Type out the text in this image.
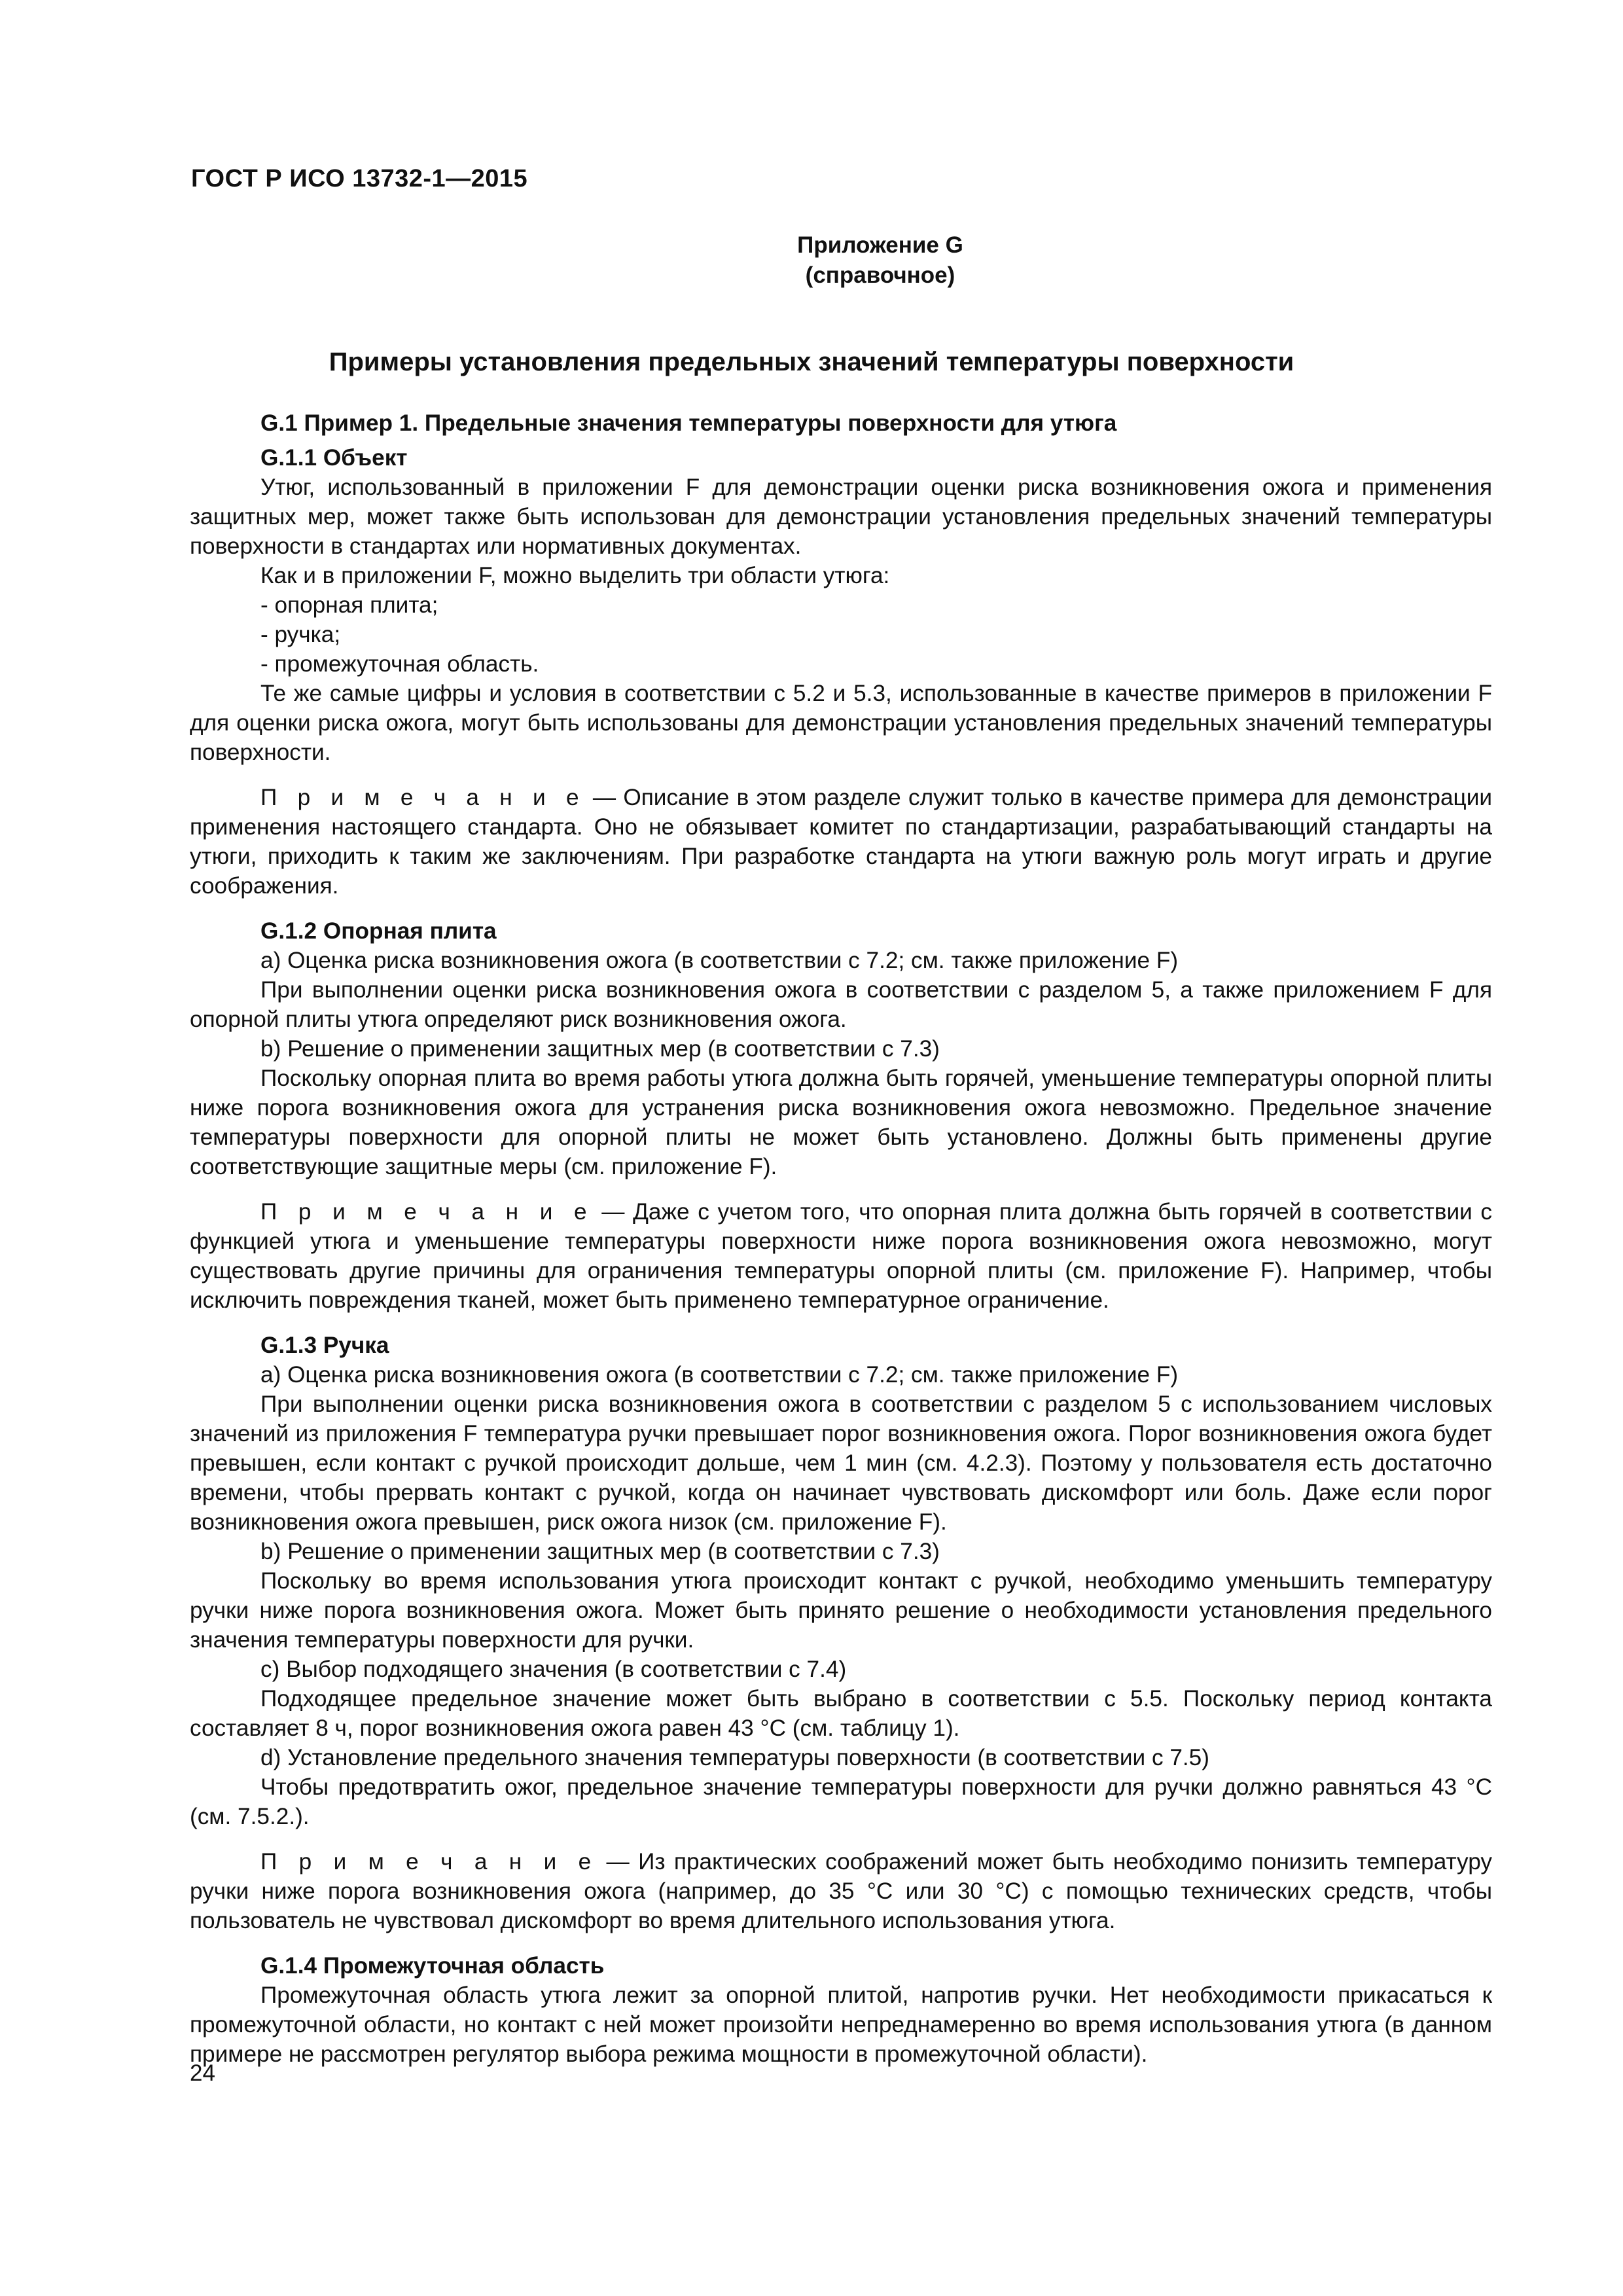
ГОСТ Р ИСО 13732-1—2015
Приложение G
(справочное)
Примеры установления предельных значений температуры поверхности

G.1 Пример 1. Предельные значения температуры поверхности для утюга

G.1.1 Объект

Утюг, использованный в приложении F для демонстрации оценки риска возникновения ожога и применения защитных мер, может также быть использован для демонстрации установления предельных значений температуры поверхности в стандартах или нормативных документах.

Как и в приложении F, можно выделить три области утюга:

- опорная плита;

- ручка;

- промежуточная область.

Те же самые цифры и условия в соответствии с 5.2 и 5.3, использованные в качестве примеров в приложении F для оценки риска ожога, могут быть использованы для демонстрации установления предельных значений температуры поверхности.

П р и м е ч а н и е — Описание в этом разделе служит только в качестве примера для демонстрации применения настоящего стандарта. Оно не обязывает комитет по стандартизации, разрабатывающий стандарты на утюги, приходить к таким же заключениям. При разработке стандарта на утюги важную роль могут играть и другие соображения.

G.1.2 Опорная плита

a) Оценка риска возникновения ожога (в соответствии с 7.2; см. также приложение F)

При выполнении оценки риска возникновения ожога в соответствии с разделом 5, а также приложением F для опорной плиты утюга определяют риск возникновения ожога.

b) Решение о применении защитных мер (в соответствии с 7.3)

Поскольку опорная плита во время работы утюга должна быть горячей, уменьшение температуры опорной плиты ниже порога возникновения ожога для устранения риска возникновения ожога невозможно. Предельное значение температуры поверхности для опорной плиты не может быть установлено. Должны быть применены другие соответствующие защитные меры (см. приложение F).

П р и м е ч а н и е — Даже с учетом того, что опорная плита должна быть горячей в соответствии с функцией утюга и уменьшение температуры поверхности ниже порога возникновения ожога невозможно, могут существовать другие причины для ограничения температуры опорной плиты (см. приложение F). Например, чтобы исключить повреждения тканей, может быть применено температурное ограничение.

G.1.3 Ручка

a) Оценка риска возникновения ожога (в соответствии с 7.2; см. также приложение F)

При выполнении оценки риска возникновения ожога в соответствии с разделом 5 с использованием числовых значений из приложения F температура ручки превышает порог возникновения ожога. Порог возникновения ожога будет превышен, если контакт с ручкой происходит дольше, чем 1 мин (см. 4.2.3). Поэтому у пользователя есть достаточно времени, чтобы прервать контакт с ручкой, когда он начинает чувствовать дискомфорт или боль. Даже если порог возникновения ожога превышен, риск ожога низок (см. приложение F).

b) Решение о применении защитных мер (в соответствии с 7.3)

Поскольку во время использования утюга происходит контакт с ручкой, необходимо уменьшить температуру ручки ниже порога возникновения ожога. Может быть принято решение о необходимости установления предельного значения температуры поверхности для ручки.

c) Выбор подходящего значения (в соответствии с 7.4)

Подходящее предельное значение может быть выбрано в соответствии с 5.5. Поскольку период контакта составляет 8 ч, порог возникновения ожога равен 43 °С (см. таблицу 1).

d) Установление предельного значения температуры поверхности (в соответствии с 7.5)

Чтобы предотвратить ожог, предельное значение температуры поверхности для ручки должно равняться 43 °С (см. 7.5.2.).

П р и м е ч а н и е — Из практических соображений может быть необходимо понизить температуру ручки ниже порога возникновения ожога (например, до 35 °С или 30 °С) с помощью технических средств, чтобы пользователь не чувствовал дискомфорт во время длительного использования утюга.

G.1.4 Промежуточная область

Промежуточная область утюга лежит за опорной плитой, напротив ручки. Нет необходимости прикасаться к промежуточной области, но контакт с ней может произойти непреднамеренно во время использования утюга (в данном примере не рассмотрен регулятор выбора режима мощности в промежуточной области).

24
